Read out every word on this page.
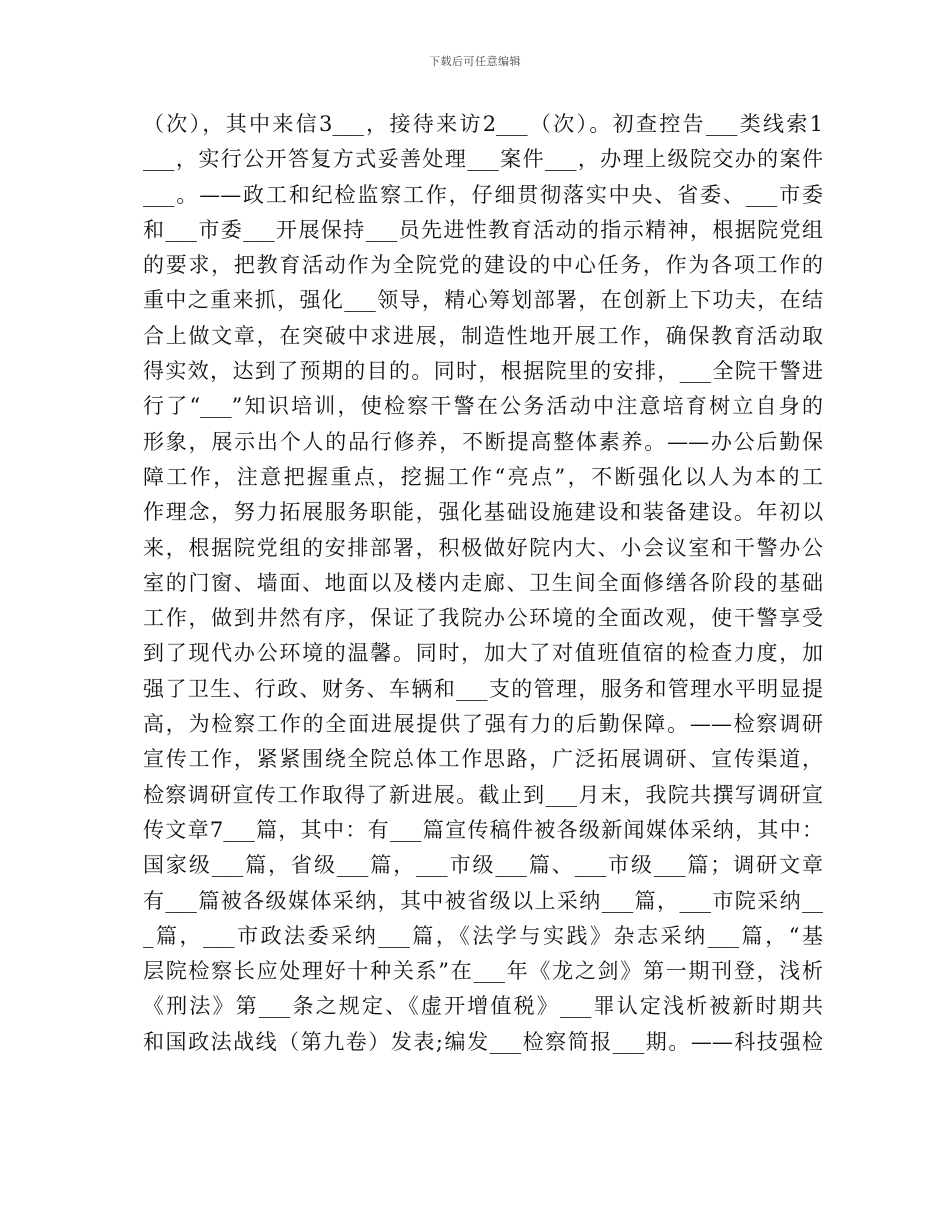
下载后可任意编辑
（次），其中来信3___，接待来访2___（次）。初查控告___类线索1
___，实行公开答复方式妥善处理___案件___，办理上级院交办的案件
___。——政工和纪检监察工作，仔细贯彻落实中央、省委、___市委
和___市委___开展保持___员先进性教育活动的指示精神，根据院党组
的要求，把教育活动作为全院党的建设的中心任务，作为各项工作的
重中之重来抓，强化___领导，精心筹划部署，在创新上下功夫，在结
合上做文章，在突破中求进展，制造性地开展工作，确保教育活动取
得实效，达到了预期的目的。同时，根据院里的安排，___全院干警进
行了“___”知识培训，使检察干警在公务活动中注意培育树立自身的
形象，展示出个人的品行修养，不断提高整体素养。——办公后勤保
障工作，注意把握重点，挖掘工作“亮点”，不断强化以人为本的工
作理念，努力拓展服务职能，强化基础设施建设和装备建设。年初以
来，根据院党组的安排部署，积极做好院内大、小会议室和干警办公
室的门窗、墙面、地面以及楼内走廊、卫生间全面修缮各阶段的基础
工作，做到井然有序，保证了我院办公环境的全面改观，使干警享受
到了现代办公环境的温馨。同时，加大了对值班值宿的检查力度，加
强了卫生、行政、财务、车辆和___支的管理，服务和管理水平明显提
高，为检察工作的全面进展提供了强有力的后勤保障。——检察调研
宣传工作，紧紧围绕全院总体工作思路，广泛拓展调研、宣传渠道，
检察调研宣传工作取得了新进展。截止到___月末，我院共撰写调研宣
传文章7___篇，其中：有___篇宣传稿件被各级新闻媒体采纳，其中：
国家级___篇，省级___篇，___市级___篇、___市级___篇；调研文章
有___篇被各级媒体采纳，其中被省级以上采纳___篇，___市院采纳__
_篇，___市政法委采纳___篇，《法学与实践》杂志采纳___篇，“基
层院检察长应处理好十种关系”在___年《龙之剑》第一期刊登，浅析
《刑法》第___条之规定、《虚开增值税》___罪认定浅析被新时期共
和国政法战线（第九卷）发表;编发___检察简报___期。——科技强检
